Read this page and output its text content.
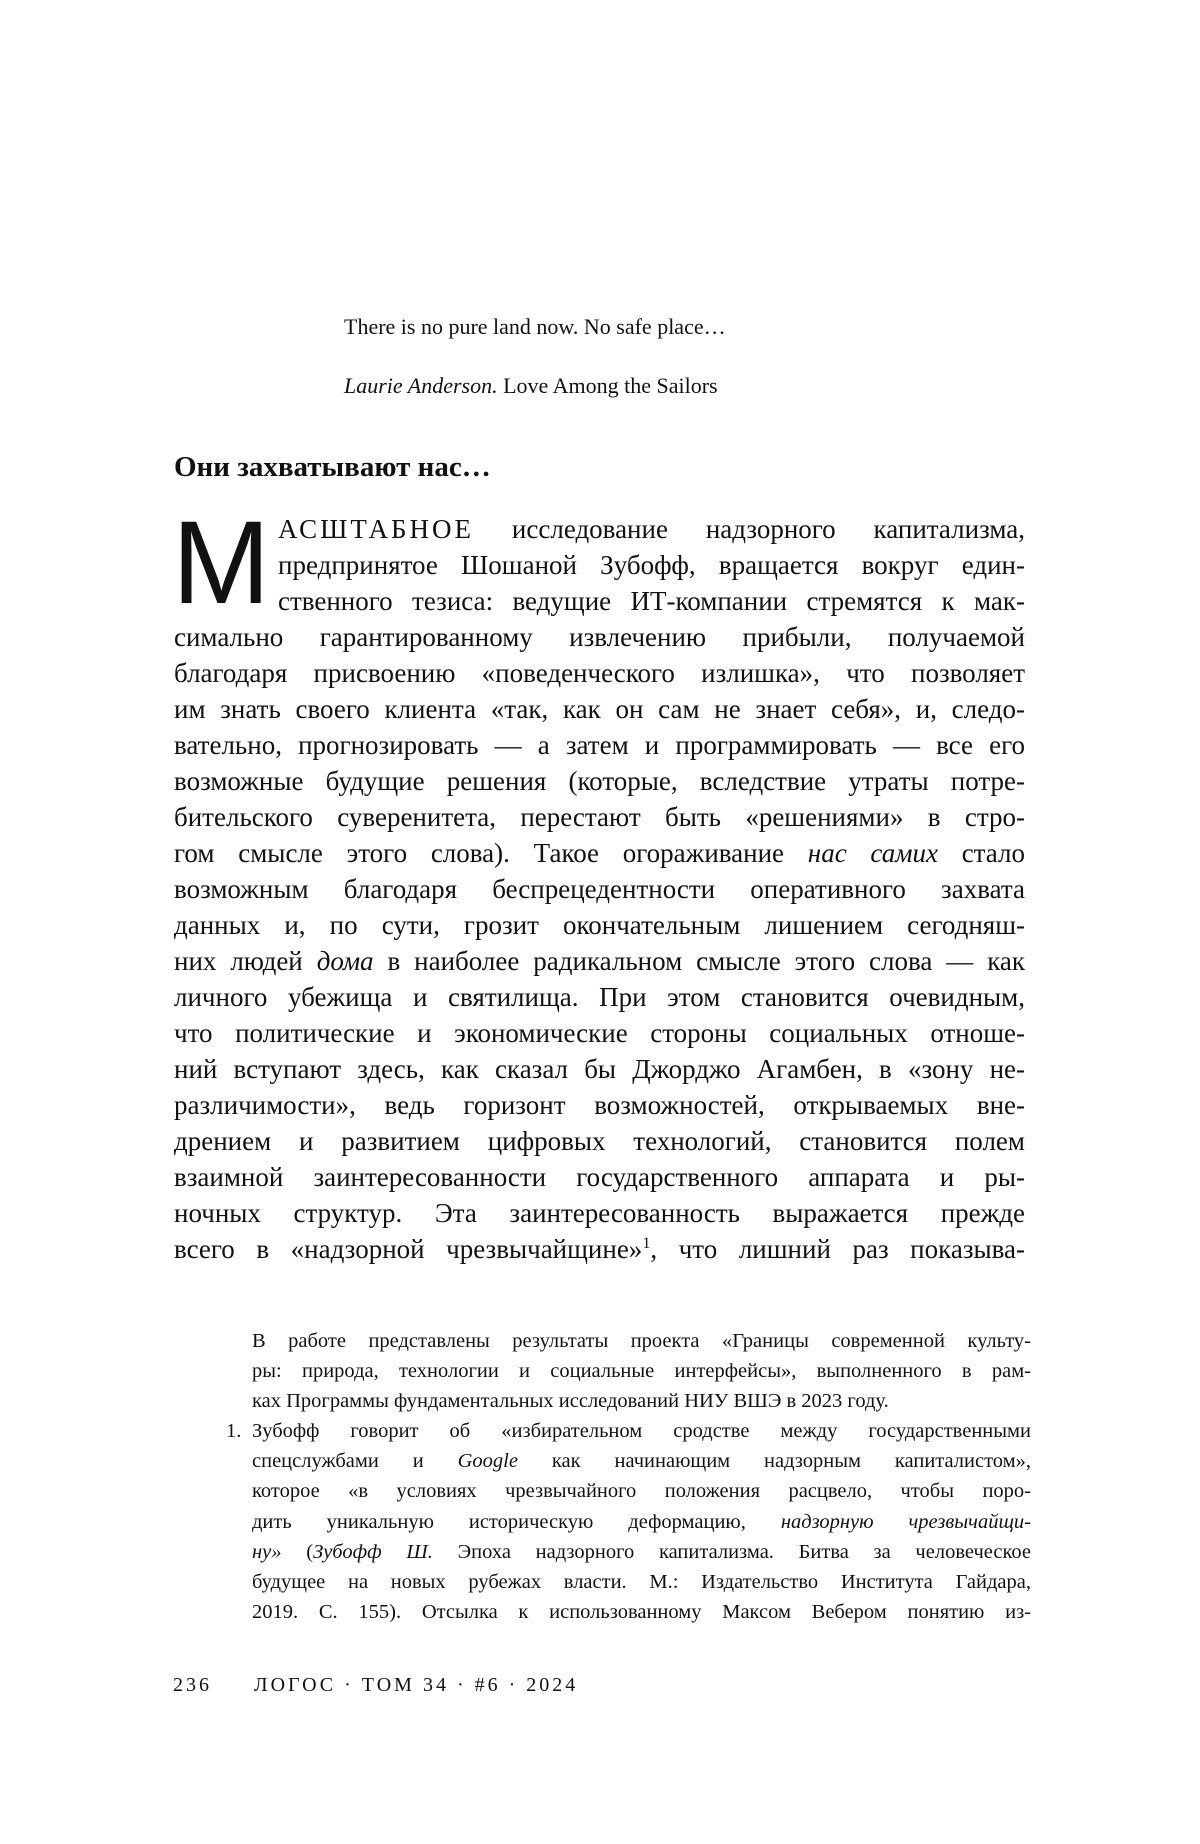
There is no pure land now. No safe place…
Laurie Anderson. Love Among the Sailors
Они захватывают нас…
М АСШТАБНОЕ исследование надзорного капитализма,
предпринятое Шошаной Зубофф, вращается вокруг един-
ственного тезиса: ведущие ИТ-компании стремятся к мак-
симально гарантированному извлечению прибыли, получаемой
благодаря присвоению «поведенческого излишка», что позволяет
им знать своего клиента «так, как он сам не знает себя», и, следо-
вательно, прогнозировать — а затем и программировать — все его
возможные будущие решения (которые, вследствие утраты потре-
бительского суверенитета, перестают быть «решениями» в стро-
гом смысле этого слова). Такое огораживание нас самих стало
возможным благодаря беспрецедентности оперативного захвата
данных и, по сути, грозит окончательным лишением сегодняш-
них людей дома в наиболее радикальном смысле этого слова — как
личного убежища и святилища. При этом становится очевидным,
что политические и экономические стороны социальных отноше-
ний вступают здесь, как сказал бы Джорджо Агамбен, в «зону не-
различимости», ведь горизонт возможностей, открываемых вне-
дрением и развитием цифровых технологий, становится полем
взаимной заинтересованности государственного аппарата и ры-
ночных структур. Эта заинтересованность выражается прежде
всего в «надзорной чрезвычайщине»$^1$, что лишний раз показыва-
В работе представлены результаты проекта «Границы современной культу-
ры: природа, технологии и социальные интерфейсы», выполненного в рам-
ках Программы фундаментальных исследований НИУ ВШЭ в 2023 году.
Зубофф говорит об «избирательном сродстве между государственными
1.
спецслужбами и Google как начинающим надзорным капиталистом»,
которое «в условиях чрезвычайного положения расцвело, чтобы поро-
дить уникальную историческую деформацию, надзорную чрезвычайщи-
ну» (Зубофф Ш. Эпоха надзорного капитализма. Битва за человеческое
будущее на новых рубежах власти. М.: Издательство Института Гайдара,
2019. С. 155). Отсылка к использованному Максом Вебером понятию из-
236 ЛОГОС · ТОМ 34 · #6 · 2024
